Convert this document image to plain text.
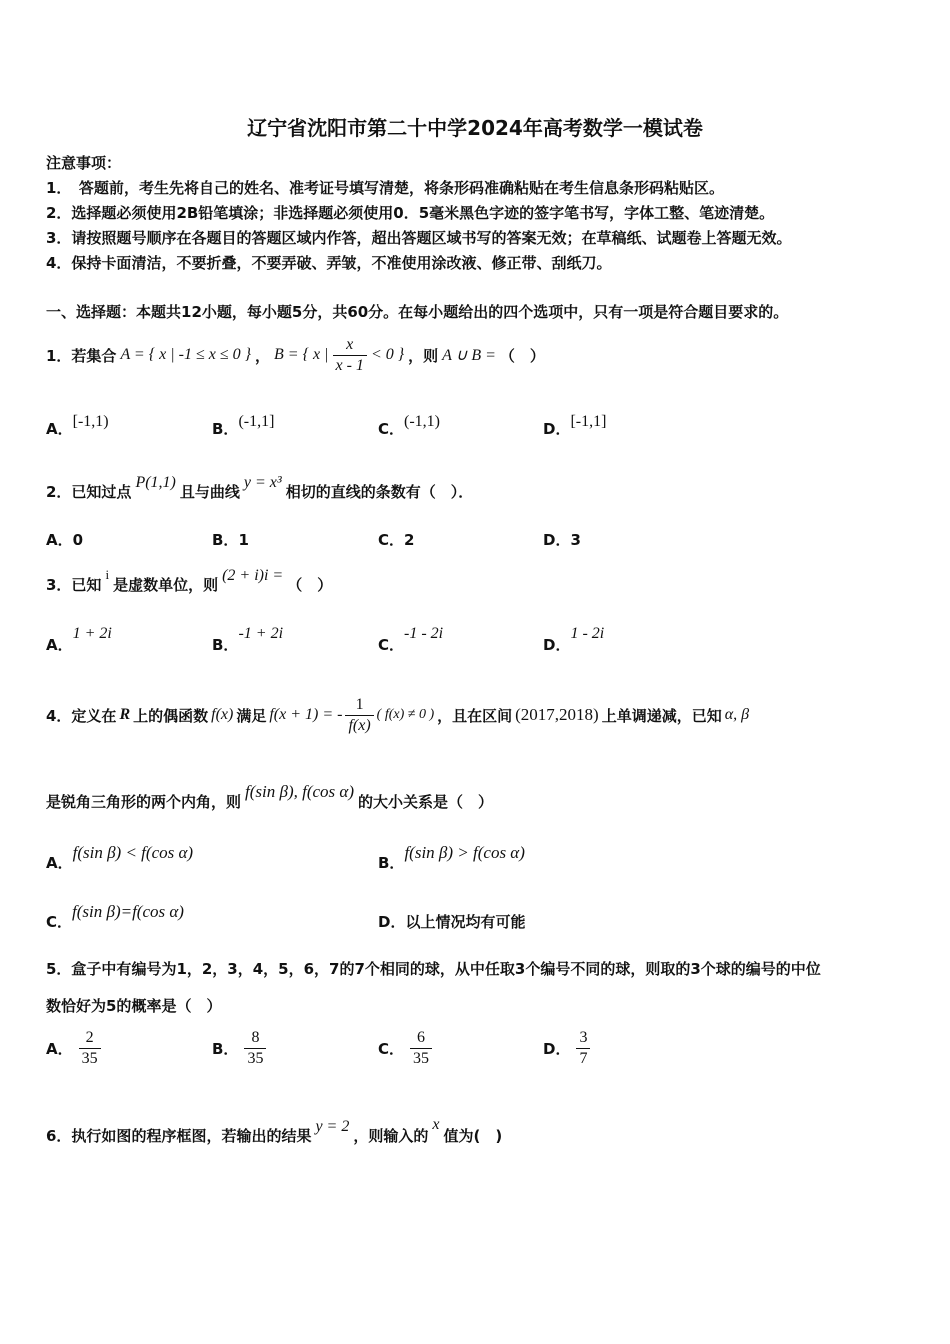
辽宁省沈阳市第二十中学2024年高考数学一模试卷
注意事项：
1．　答题前，考生先将自己的姓名、准考证号填写清楚，将条形码准确粘贴在考生信息条形码粘贴区。
2．选择题必须使用2B铅笔填涂；非选择题必须使用0．5毫米黑色字迹的签字笔书写，字体工整、笔迹清楚。
3．请按照题号顺序在各题目的答题区域内作答，超出答题区域书写的答案无效；在草稿纸、试题卷上答题无效。
4．保持卡面清洁，不要折叠，不要弄破、弄皱，不准使用涂改液、修正带、刮纸刀。
一、选择题：本题共12小题，每小题5分，共60分。在每小题给出的四个选项中，只有一项是符合题目要求的。
1．若集合 A = { x | -1 ≤ x ≤ 0 } ， B = { x | $\frac{x}{x - 1} < 0$ } ，则 A ∪ B = （　）
A．[-1,1)	B．(-1,1]	C．(-1,1)	D．[-1,1]
2．已知过点
P(1,1)
且与曲线
y = x³
相切的直线的条数有（　）．
A．0	B．1	C．2	D．3
3．已知
i
是虚数单位，则
(2 + i)i =
（　）
A．1 + 2i
B．-1 + 2i
C．-1 - 2i
D．1 - 2i
4．定义在 R 上的偶函数 f(x) 满足 f(x + 1) = - $\frac{1}{f(x)}$ ( f(x) ≠ 0 ) ，且在区间 (2017,2018) 上单调递减，已知 α, β
是锐角三角形的两个内角，则
f(sin β), f(cos α)
的大小关系是（　）
A．f(sin β) < f(cos α)
B．f(sin β) > f(cos α)
C．f(sin β)=f(cos α)
D．以上情况均有可能
5．盒子中有编号为1，2，3，4，5，6，7的7个相同的球，从中任取3个编号不同的球，则取的3个球的编号的中位
数恰好为5的概率是（　）
A． $\frac{2}{35}$	B． $\frac{8}{35}$	C． $\frac{6}{35}$	D． $\frac{3}{7}$
6．执行如图的程序框图，若输出的结果
y = 2
，则输入的
x
值为(　)
